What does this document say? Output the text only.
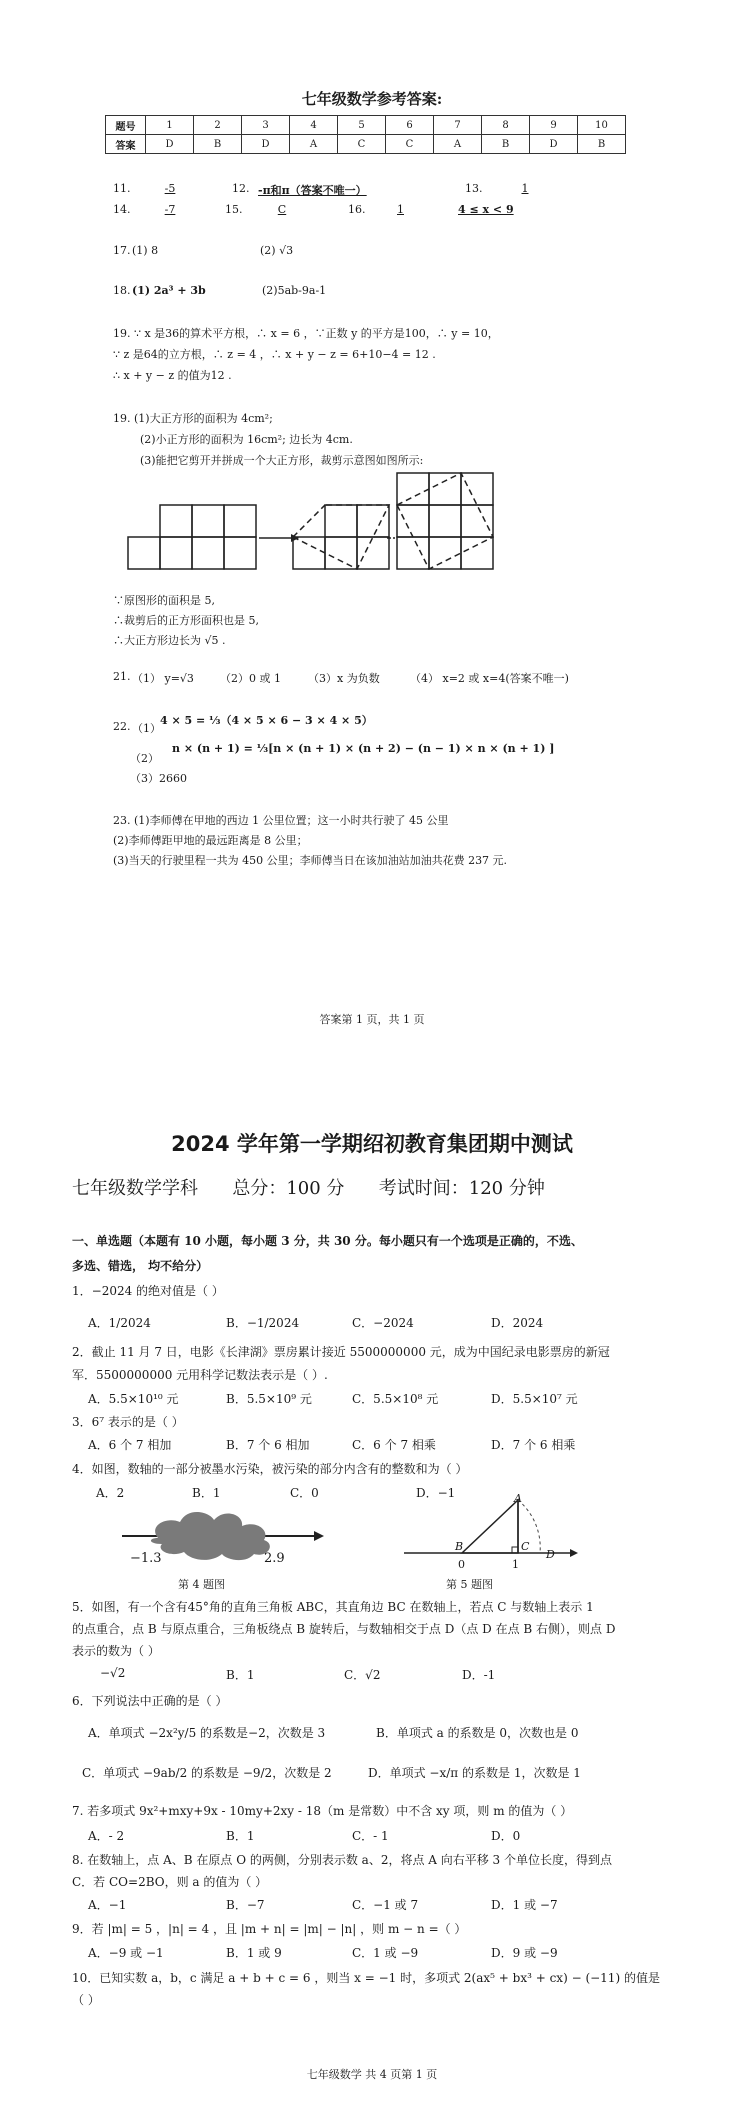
七年级数学参考答案:
题号	1	2	3	4	5	6	7	8	9	10
答案	D	B	D	A	C	C	A	B	D	B
11.	-5	12. -π和π（答案不唯一）	13.	1
14.	-7	15.	C	16.	1	4 ≤ x < 9
17. (1) 8	(2) √3
18. (1) 2a³ + 3b	(2)5ab-9a-1
19. ∵ x 是36的算术平方根，∴ x = 6 ，∵正数 y 的平方是100，∴ y = 10，
∵ z 是64的立方根，∴ z = 4 ，∴ x + y − z = 6+10−4 = 12 .
∴ x + y − z 的值为12 .
19. (1)大正方形的面积为 4cm²;
(2)小正方形的面积为 16cm²; 边长为 4cm.
(3)能把它剪开并拼成一个大正方形，裁剪示意图如图所示:
∵原图形的面积是 5,
∴裁剪后的正方形面积也是 5,
∴大正方形边长为 √5 .
21. （1） y=√3 （2）0 或 1 （3）x 为负数	（4） x=2 或 x=4(答案不唯一)
22. （1）
4 × 5 = ⅓（4 × 5 × 6 − 3 × 4 × 5）
（2）
n × (n + 1) = ⅓[n × (n + 1) × (n + 2) − (n − 1) × n × (n + 1) ]
（3）2660
23. (1)李师傅在甲地的西边 1 公里位置；这一小时共行驶了 45 公里
(2)李师傅距甲地的最远距离是 8 公里；
(3)当天的行驶里程一共为 450 公里；李师傅当日在该加油站加油共花费 237 元.
答案第 1 页，共 1 页
2024 学年第一学期绍初教育集团期中测试
七年级数学学科      总分：100 分      考试时间：120 分钟
一、单选题（本题有 10 小题，每小题 3 分，共 30 分。每小题只有一个选项是正确的，不选、
多选、错选， 均不给分）
1．−2024 的绝对值是（ ）
A．1/2024	B．−1/2024	C．−2024	D．2024
2．截止 11 月 7 日，电影《长津湖》票房累计接近 5500000000 元，成为中国纪录电影票房的新冠
军．5500000000 元用科学记数法表示是（ ）.
A．5.5×10¹⁰ 元	B．5.5×10⁹ 元	C．5.5×10⁸ 元	D．5.5×10⁷ 元
3．6⁷ 表示的是（ ）
A．6 个 7 相加	B．7 个 6 相加	C．6 个 7 相乘	D．7 个 6 相乘
4．如图，数轴的一部分被墨水污染，被污染的部分内含有的整数和为（ ）
A．2	B．1	C．0	D．−1
−1.3	2.9
第 4 题图
A
B	C
D
0	1
第 5 题图
5．如图，有一个含有45°角的直角三角板 ABC，其直角边 BC 在数轴上，若点 C 与数轴上表示 1
的点重合，点 B 与原点重合，三角板绕点 B 旋转后，与数轴相交于点 D（点 D 在点 B 右侧），则点 D
表示的数为（ ）
−√2	B．1	C．√2	D．-1
6．下列说法中正确的是（ ）
A．单项式 −2x²y/5 的系数是−2，次数是 3	B．单项式 a 的系数是 0，次数也是 0
C．单项式 −9ab/2 的系数是 −9/2，次数是 2	D．单项式 −x/π 的系数是 1，次数是 1
7. 若多项式 9x²+mxy+9x - 10my+2xy - 18（m 是常数）中不含 xy 项，则 m 的值为（ ）
A．- 2	B．1	C．- 1	D．0
8. 在数轴上，点 A、B 在原点 O 的两侧，分别表示数 a、2，将点 A 向右平移 3 个单位长度，得到点
C．若 CO=2BO，则 a 的值为（ ）
A．−1	B．−7	C．−1 或 7	D．1 或 −7
9．若 |m| = 5 ，|n| = 4 ，且 |m + n| = |m| − |n| ，则 m − n =（ ）
A．−9 或 −1	B．1 或 9	C．1 或 −9	D．9 或 −9
10．已知实数 a，b，c 满足 a + b + c = 6 ，则当 x = −1 时，多项式 2(ax⁵ + bx³ + cx) − (−11) 的值是
（ ）
七年级数学 共 4 页第 1 页
